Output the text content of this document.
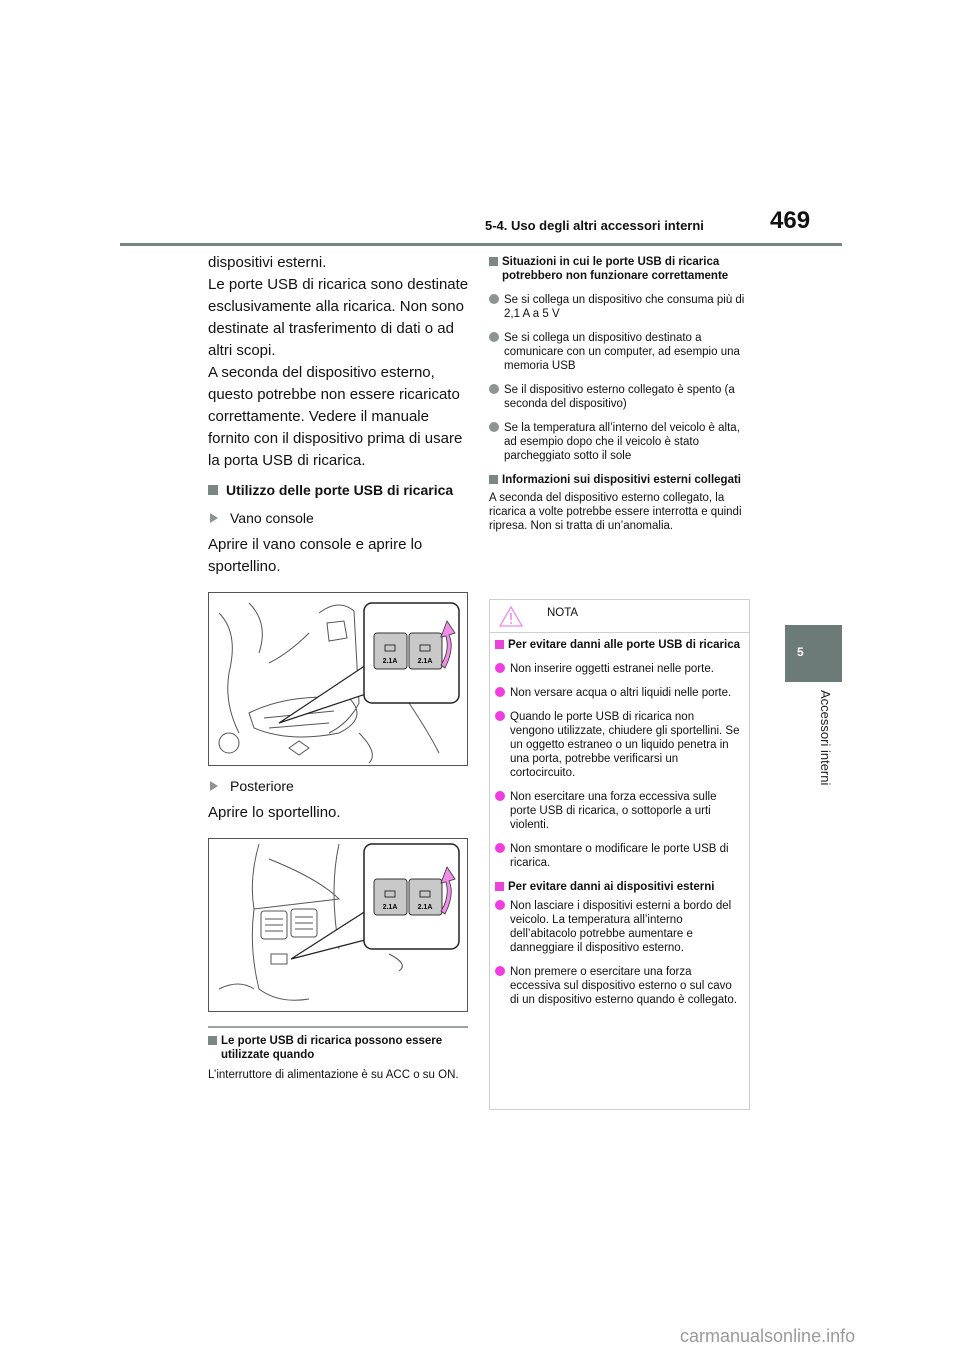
5-4. Uso degli altri accessori interni	469
5
Accessori interni

dispositivi esterni.

Le porte USB di ricarica sono destinate esclusivamente alla ricarica. Non sono destinate al trasferimento di dati o ad altri scopi.

A seconda del dispositivo esterno, questo potrebbe non essere ricaricato correttamente. Vedere il manuale fornito con il dispositivo prima di usare la porta USB di ricarica.

Utilizzo delle porte USB di ricarica
Vano console

Aprire il vano console e aprire lo sportellino.

2.1A	2.1A
Posteriore

Aprire lo sportellino.

2.1A	2.1A
Le porte USB di ricarica possono essere utilizzate quando

L’interruttore di alimentazione è su ACC o su ON.

Situazioni in cui le porte USB di ricarica potrebbero non funzionare correttamente
Se si collega un dispositivo che consuma più di 2,1 A a 5 V
Se si collega un dispositivo destinato a comunicare con un computer, ad esempio una memoria USB
Se il dispositivo esterno collegato è spento (a seconda del dispositivo)
Se la temperatura all’interno del veicolo è alta, ad esempio dopo che il veicolo è stato parcheggiato sotto il sole
Informazioni sui dispositivi esterni collegati

A seconda del dispositivo esterno collegato, la ricarica a volte potrebbe essere interrotta e quindi ripresa. Non si tratta di un’anomalia.

NOTA
Per evitare danni alle porte USB di ricarica
Non inserire oggetti estranei nelle porte.
Non versare acqua o altri liquidi nelle porte.
Quando le porte USB di ricarica non vengono utilizzate, chiudere gli sportellini. Se un oggetto estraneo o un liquido penetra in una porta, potrebbe verificarsi un cortocircuito.
Non esercitare una forza eccessiva sulle porte USB di ricarica, o sottoporle a urti violenti.
Non smontare o modificare le porte USB di ricarica.
Per evitare danni ai dispositivi esterni
Non lasciare i dispositivi esterni a bordo del veicolo. La temperatura all’interno dell’abitacolo potrebbe aumentare e danneggiare il dispositivo esterno.
Non premere o esercitare una forza eccessiva sul dispositivo esterno o sul cavo di un dispositivo esterno quando è collegato.
carmanualsonline.info
